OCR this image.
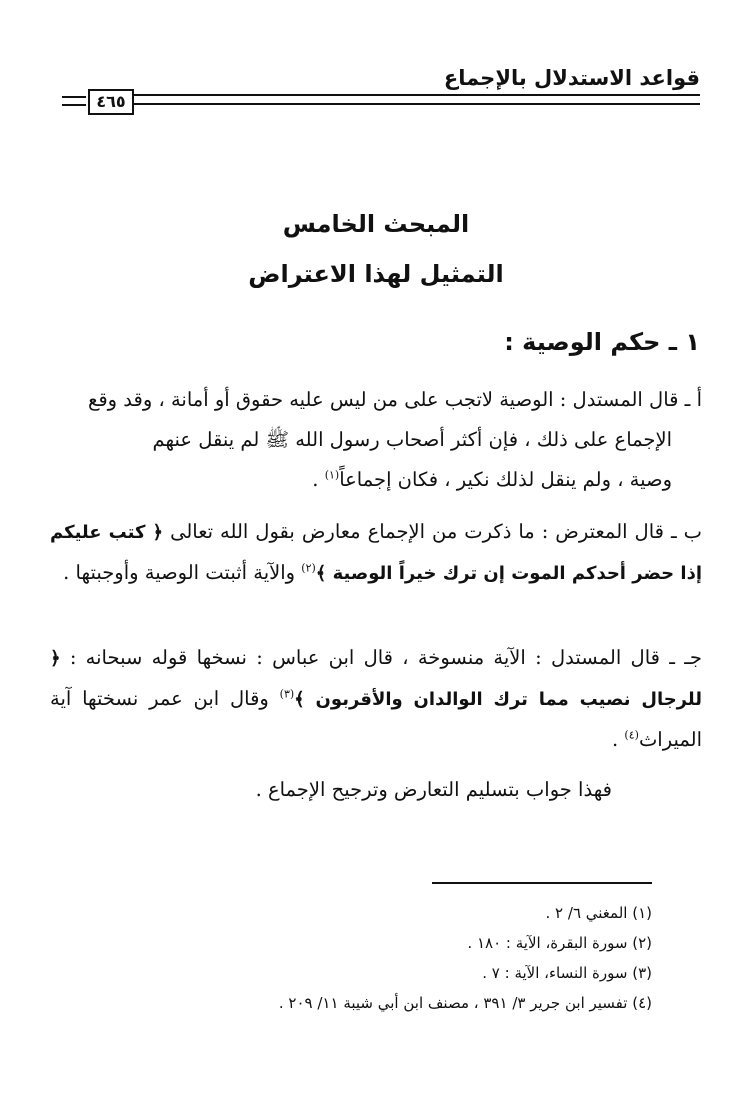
قواعد الاستدلال بالإجماع
٤٦٥
المبحث الخامس
التمثيل لهذا الاعتراض
١ ـ حكم الوصية :
أ ـ قال المستدل : الوصية لاتجب على من ليس عليه حقوق أو أمانة ، وقد وقع
الإجماع على ذلك ، فإن أكثر أصحاب رسول الله ﷺ لم ينقل عنهم
وصية ، ولم ينقل لذلك نكير ، فكان إجماعاً$^{(١)}$ .
ب ـ قال المعترض : ما ذكرت من الإجماع معارض بقول الله تعالى ﴿ كتب عليكم إذا حضر أحدكم الموت إن ترك خيراً الوصية ﴾$^{(٢)}$ والآية أثبتت الوصية وأوجبتها .
جـ ـ قال المستدل : الآية منسوخة ، قال ابن عباس : نسخها قوله سبحانه : ﴿ للرجال نصيب مما ترك الوالدان والأقربون ﴾$^{(٣)}$ وقال ابن عمر نسختها آية الميراث$^{(٤)}$ .
فهذا جواب بتسليم التعارض وترجيح الإجماع .
(١) المغني ٦/ ٢ .
(٢) سورة البقرة، الآية : ١٨٠ .
(٣) سورة النساء، الآية : ٧ .
(٤) تفسير ابن جرير ٣/ ٣٩١ ، مصنف ابن أبي شيبة ١١/ ٢٠٩ .
